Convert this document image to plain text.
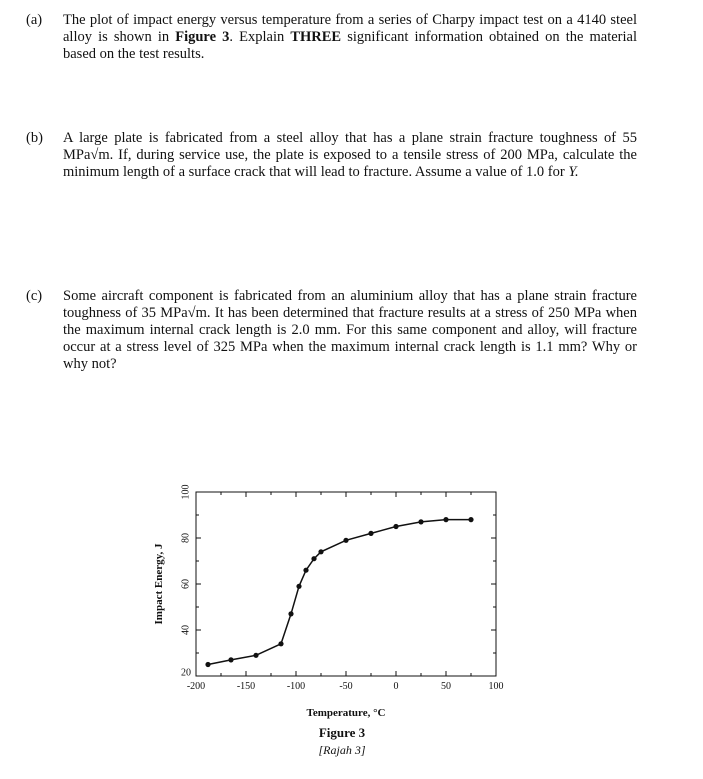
(a) The plot of impact energy versus temperature from a series of Charpy impact test on a 4140 steel alloy is shown in Figure 3. Explain THREE significant information obtained on the material based on the test results.
(b) A large plate is fabricated from a steel alloy that has a plane strain fracture toughness of 55 MPa√m. If, during service use, the plate is exposed to a tensile stress of 200 MPa, calculate the minimum length of a surface crack that will lead to fracture. Assume a value of 1.0 for Y.
(c) Some aircraft component is fabricated from an aluminium alloy that has a plane strain fracture toughness of 35 MPa√m. It has been determined that fracture results at a stress of 250 MPa when the maximum internal crack length is 2.0 mm. For this same component and alloy, will fracture occur at a stress level of 325 MPa when the maximum internal crack length is 1.1 mm? Why or why not?
-200	-150	-100	-50	0	50	100
20
40
60
80
100
Temperature, °C
Impact Energy, J
Figure 3
[Rajah 3]
